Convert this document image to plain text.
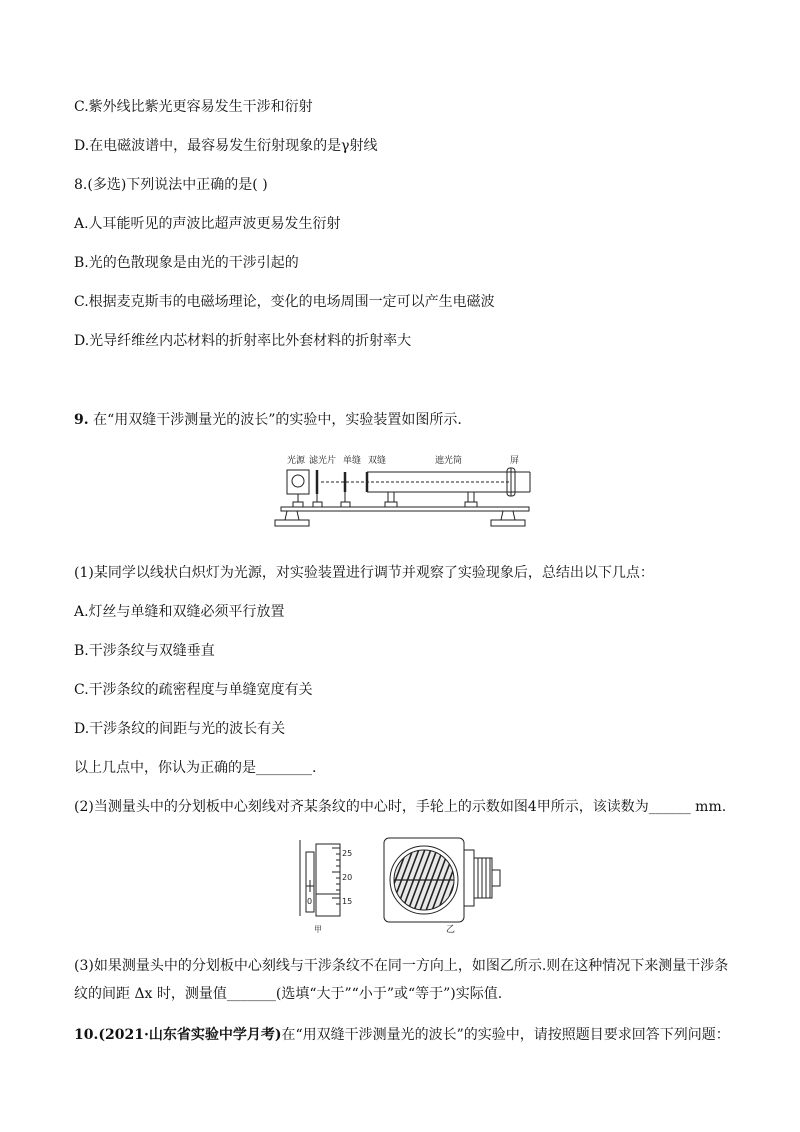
C.紫外线比紫光更容易发生干涉和衍射
D.在电磁波谱中，最容易发生衍射现象的是γ射线
8.(多选)下列说法中正确的是( )
A.人耳能听见的声波比超声波更易发生衍射
B.光的色散现象是由光的干涉引起的
C.根据麦克斯韦的电磁场理论，变化的电场周围一定可以产生电磁波
D.光导纤维丝内芯材料的折射率比外套材料的折射率大
9. 在“用双缝干涉测量光的波长”的实验中，实验装置如图所示.
光源 滤光片 单缝 双缝	遮光筒	屏
(1)某同学以线状白炽灯为光源，对实验装置进行调节并观察了实验现象后，总结出以下几点：
A.灯丝与单缝和双缝必须平行放置
B.干涉条纹与双缝垂直
C.干涉条纹的疏密程度与单缝宽度有关
D.干涉条纹的间距与光的波长有关
以上几点中，你认为正确的是________.
(2)当测量头中的分划板中心刻线对齐某条纹的中心时，手轮上的示数如图4甲所示，该读数为______ mm.
25
20
15
0
甲	乙
(3)如果测量头中的分划板中心刻线与干涉条纹不在同一方向上，如图乙所示.则在这种情况下来测量干涉条
纹的间距 Δx 时，测量值_______(选填“大于”“小于”或“等于”)实际值.
10.(2021·山东省实验中学月考)在“用双缝干涉测量光的波长”的实验中，请按照题目要求回答下列问题：
